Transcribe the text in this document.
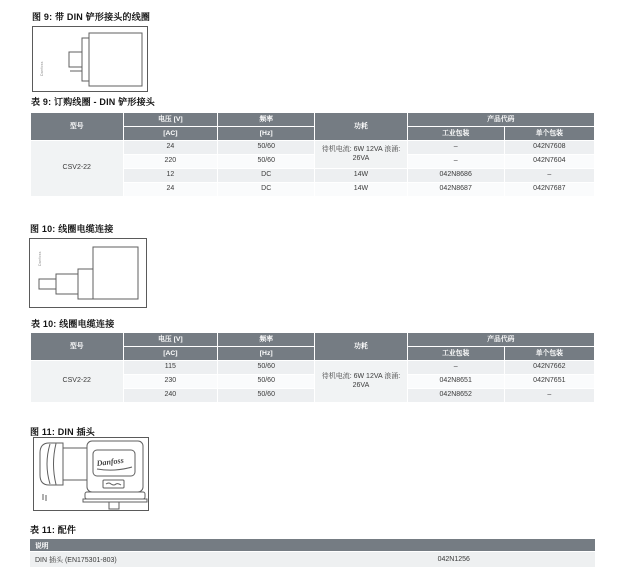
图 9: 带 DIN 铲形接头的线圈
Danfoss
表 9: 订购线圈 - DIN 铲形接头
型号	电压 [V]	频率	功耗	产品代码	
	[AC]	[Hz]		工业包装	单个包装
CSV2-22	24	50/60	待机电流: 6W 12VA 浪涌: 26VA	–	042N7608
	220	50/60		–	042N7604
	12	DC	14W	042N8686	–
	24	DC	14W	042N8687	042N7687
图 10: 线圈电缆连接
Danfoss
表 10: 线圈电缆连接
型号	电压 [V]	频率	功耗	产品代码	
	[AC]	[Hz]		工业包装	单个包装
CSV2-22	115	50/60	待机电流: 6W 12VA 浪涌: 26VA	–	042N7662
	230	50/60		042N8651	042N7651
	240	50/60		042N8652	–
图 11: DIN 插头
Danfoss
表 11: 配件
说明
DIN 插头 (EN175301-803)	042N1256
